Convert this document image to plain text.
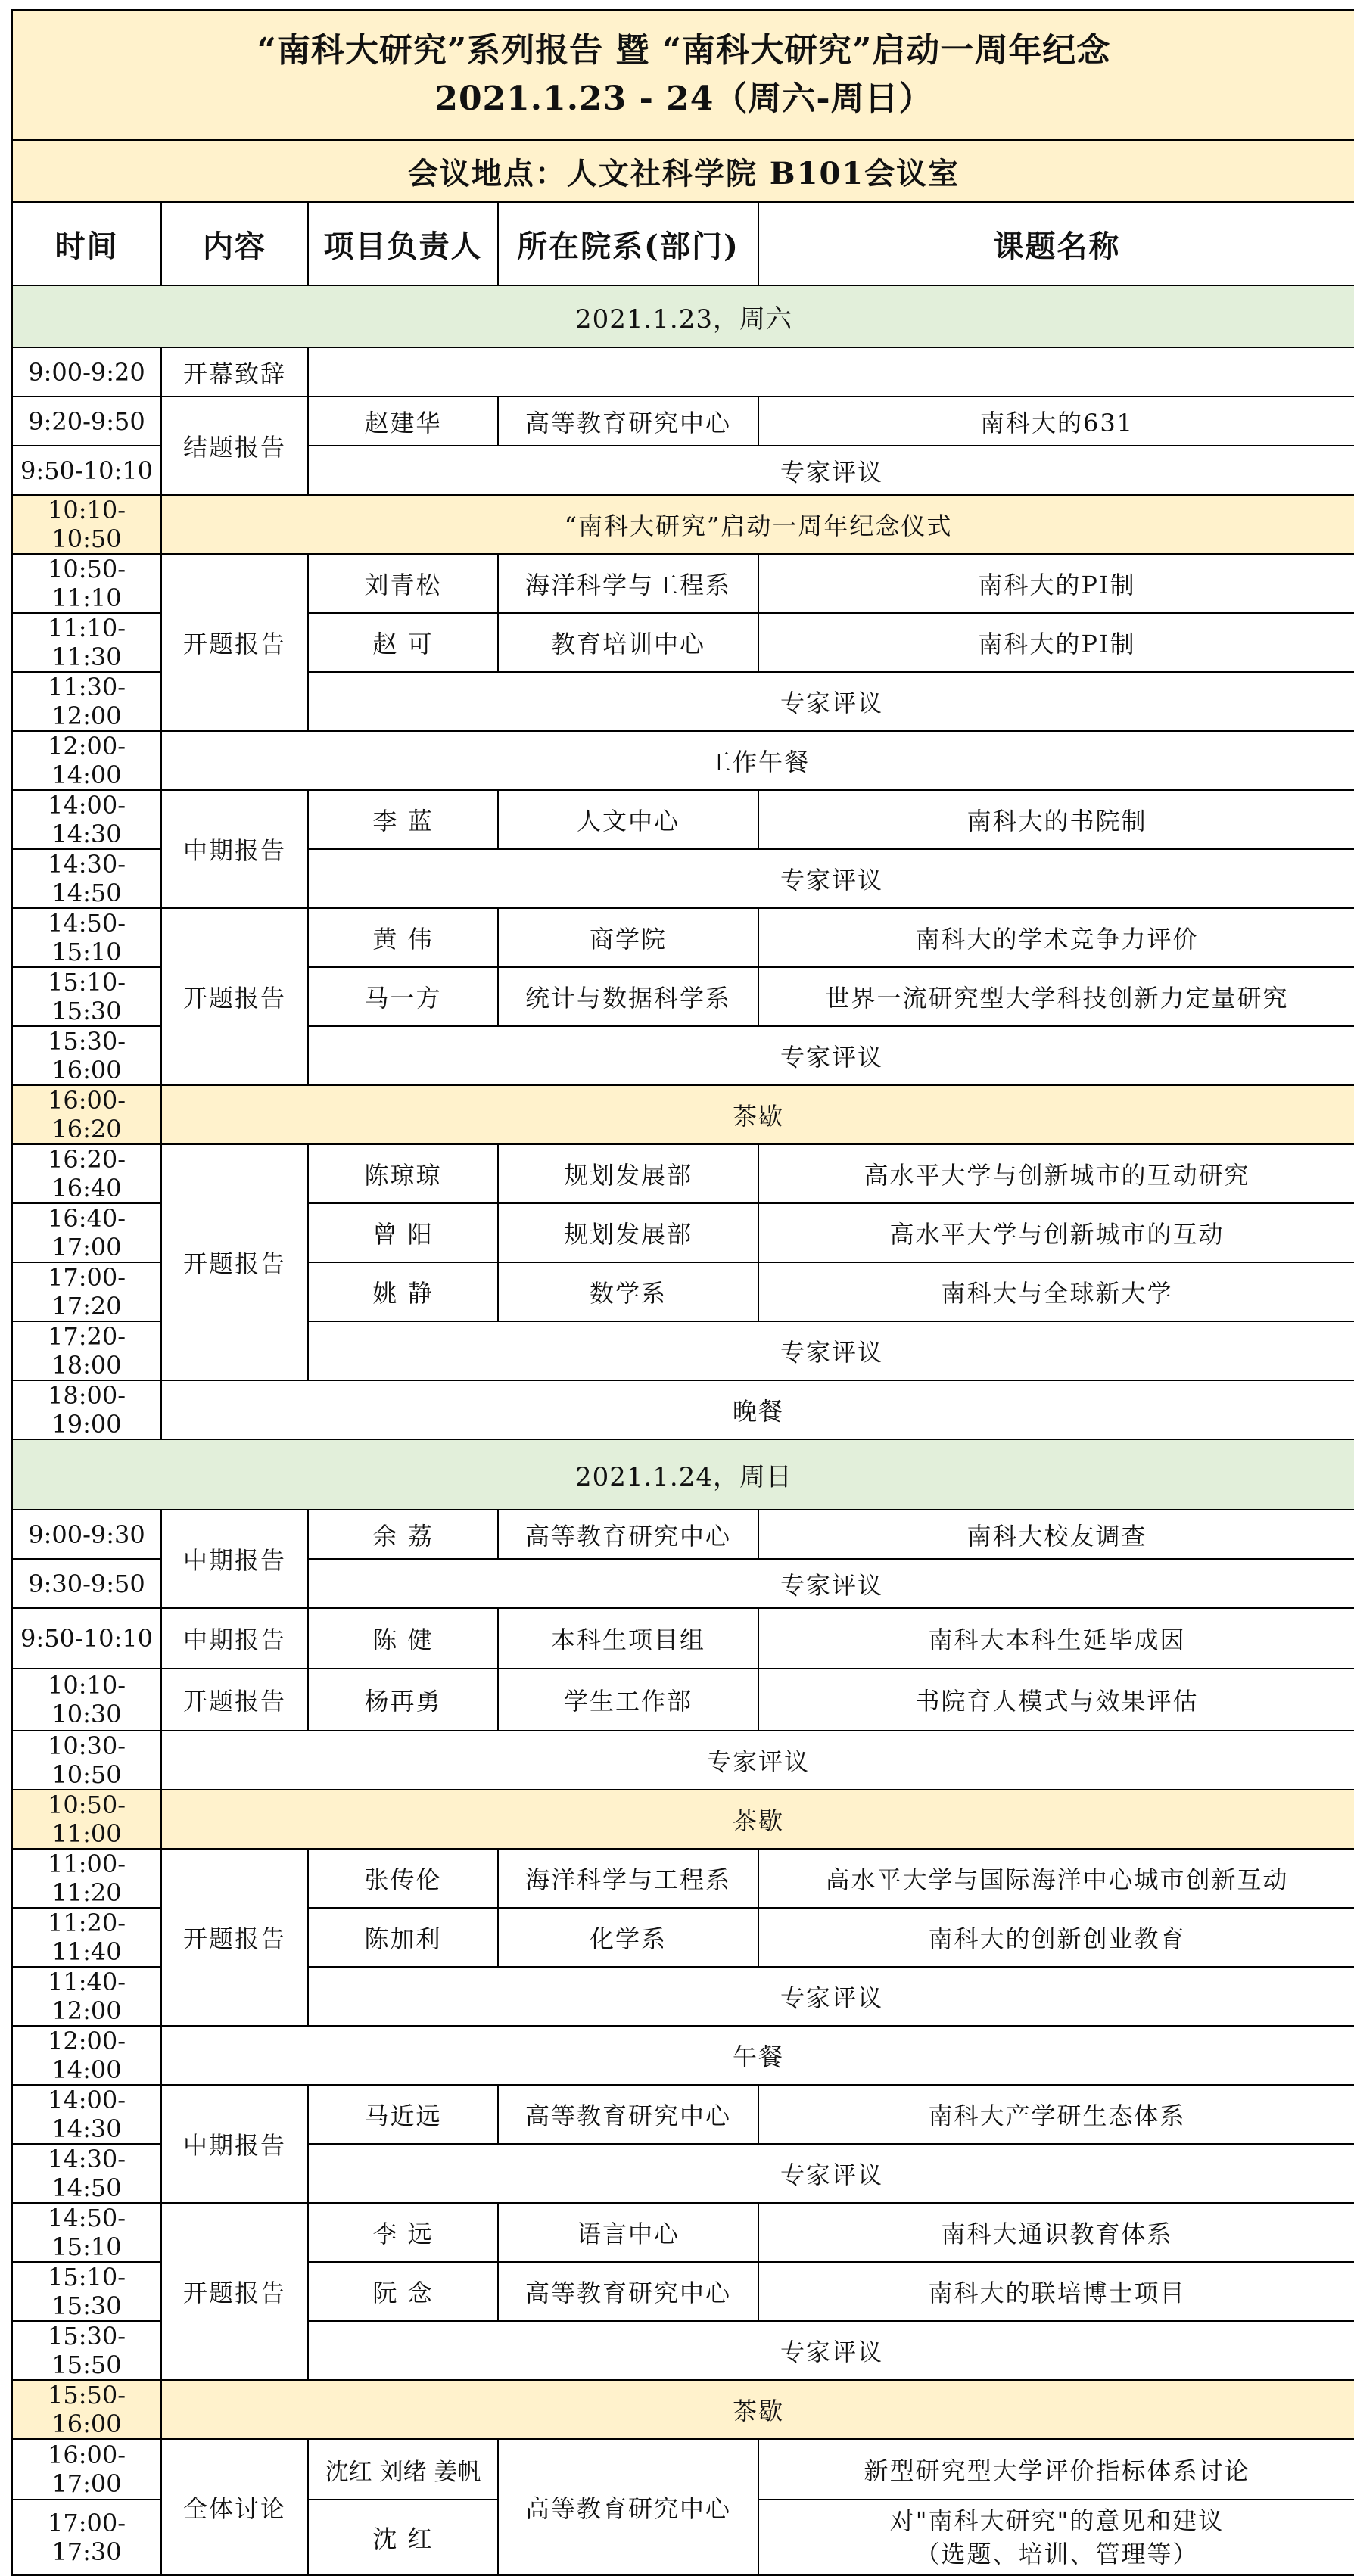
“南科大研究”系列报告 暨 “南科大研究”启动一周年纪念
2021.1.23 - 24（周六-周日）				

会议地点：人文社科学院 B101会议室				
时间	内容	项目负责人	所在院系(部门)	课题名称
2021.1.23，周六				
9:00-9:20	开幕致辞			
9:20-9:50	结题报告	赵建华	高等教育研究中心	南科大的631
9:50-10:10		专家评议		
10:10-10:50	“南科大研究”启动一周年纪念仪式			
10:50-11:10	开题报告	刘青松	海洋科学与工程系	南科大的PI制
11:10-11:30		赵 可	教育培训中心	南科大的PI制
11:30-12:00		专家评议		
12:00-14:00	工作午餐			
14:00-14:30	中期报告	李 蓝	人文中心	南科大的书院制
14:30-14:50		专家评议		
14:50-15:10	开题报告	黄 伟	商学院	南科大的学术竞争力评价
15:10-15:30		马一方	统计与数据科学系	世界一流研究型大学科技创新力定量研究
15:30-16:00		专家评议		
16:00-16:20	茶歇			
16:20-16:40	开题报告	陈琼琼	规划发展部	高水平大学与创新城市的互动研究
16:40-17:00		曾 阳	规划发展部	高水平大学与创新城市的互动
17:00-17:20		姚 静	数学系	南科大与全球新大学
17:20-18:00		专家评议		
18:00-19:00	晚餐			
2021.1.24，周日				
9:00-9:30	中期报告	余 荔	高等教育研究中心	南科大校友调查
9:30-9:50		专家评议		
9:50-10:10	中期报告	陈 健	本科生项目组	南科大本科生延毕成因
10:10-10:30	开题报告	杨再勇	学生工作部	书院育人模式与效果评估
10:30-10:50	专家评议			
10:50-11:00	茶歇			
11:00-11:20	开题报告	张传伦	海洋科学与工程系	高水平大学与国际海洋中心城市创新互动
11:20-11:40		陈加利	化学系	南科大的创新创业教育
11:40-12:00		专家评议		
12:00-14:00	午餐			
14:00-14:30	中期报告	马近远	高等教育研究中心	南科大产学研生态体系
14:30-14:50		专家评议		
14:50-15:10	开题报告	李 远	语言中心	南科大通识教育体系
15:10-15:30		阮 念	高等教育研究中心	南科大的联培博士项目
15:30-15:50		专家评议		
15:50-16:00	茶歇			
16:00-17:00	全体讨论	沈红 刘绪 姜帆	高等教育研究中心	新型研究型大学评价指标体系讨论
17:00-17:30		沈 红		对"南科大研究"的意见和建议
（选题、培训、管理等）
